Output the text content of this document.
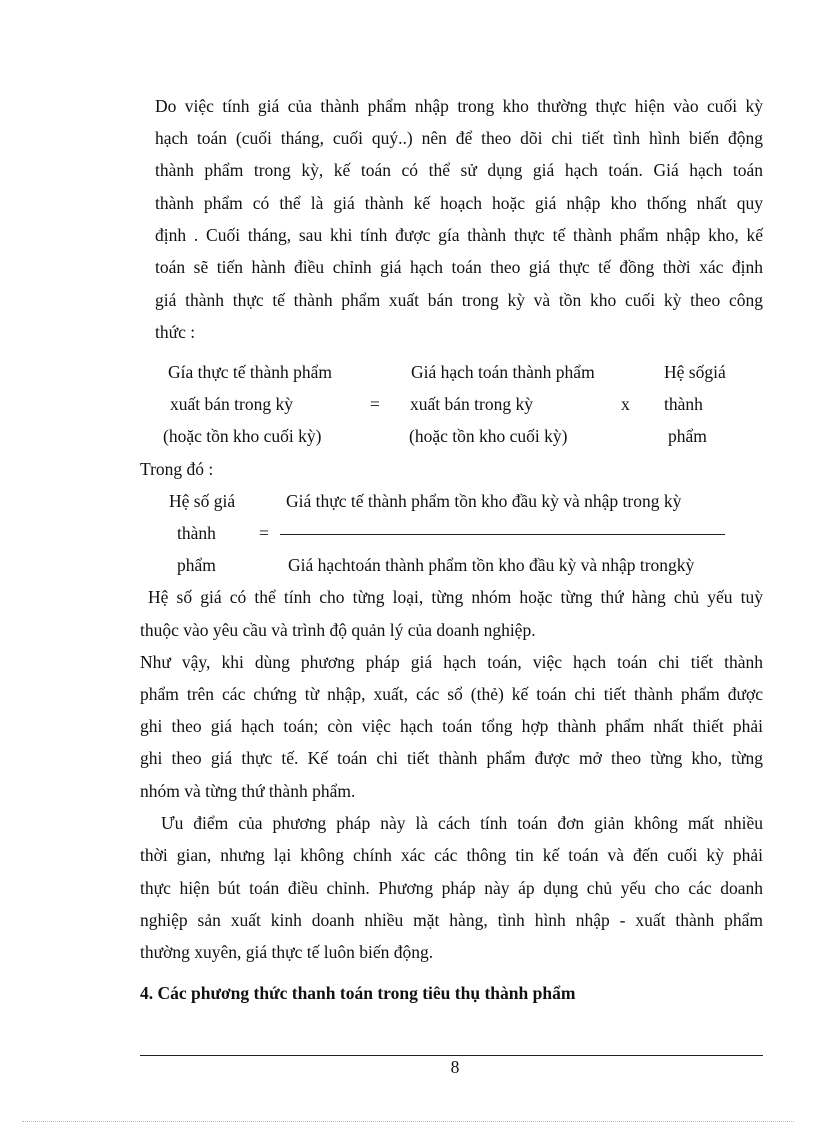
Do việc tính giá của thành phẩm nhập trong kho thường thực hiện vào cuối kỳ
hạch toán (cuối tháng, cuối quý..) nên để theo dõi chi tiết tình hình biến động
thành phẩm trong kỳ, kế toán có thể sử dụng giá hạch toán. Giá hạch toán
thành phẩm có thể là giá thành kế hoạch hoặc giá nhập kho thống nhất quy
định . Cuối tháng, sau khi tính được gía thành thực tế thành phẩm nhập kho, kế
toán sẽ tiến hành điều chỉnh giá hạch toán theo giá thực tế đồng thời xác định
giá thành thực tế thành phẩm xuất bán trong kỳ và tồn kho cuối kỳ theo công
thức :
Gía thực tế thành phẩm
xuất bán trong kỳ
(hoặc tồn kho cuối kỳ)
=
Giá hạch toán thành phẩm
xuất bán trong kỳ
(hoặc tồn kho cuối kỳ)
x
Hệ sốgiá
thành
phẩm
Trong đó :
Hệ số giá
thành
phẩm
=
Giá thực tế thành phẩm tồn kho đầu kỳ và nhập trong kỳ
Giá hạchtoán thành phẩm tồn kho đầu kỳ và nhập trongkỳ
Hệ số giá có thể tính cho từng loại, từng nhóm hoặc từng thứ hàng chủ yếu tuỳ
thuộc vào yêu cầu và trình độ quản lý của doanh nghiệp.
Như vậy, khi dùng phương pháp giá hạch toán, việc hạch toán chi tiết thành
phẩm trên các chứng từ nhập, xuất, các sổ (thẻ) kế toán chi tiết thành phẩm được
ghi theo giá hạch toán; còn việc hạch toán tổng hợp thành phẩm nhất thiết phải
ghi theo giá thực tế. Kế toán chi tiết thành phẩm được mở theo từng kho, từng
nhóm và từng thứ thành phẩm.
Ưu điểm của phương pháp này là cách tính toán đơn giản không mất nhiều
thời gian, nhưng lại không chính xác các thông tin kế toán và đến cuối kỳ phải
thực hiện bút toán điều chỉnh. Phương pháp này áp dụng chủ yếu cho các doanh
nghiệp sản xuất kinh doanh nhiều mặt hàng, tình hình nhập - xuất thành phẩm
thường xuyên, giá thực tế luôn biến động.
4. Các phương thức thanh toán trong tiêu thụ thành phẩm
8
